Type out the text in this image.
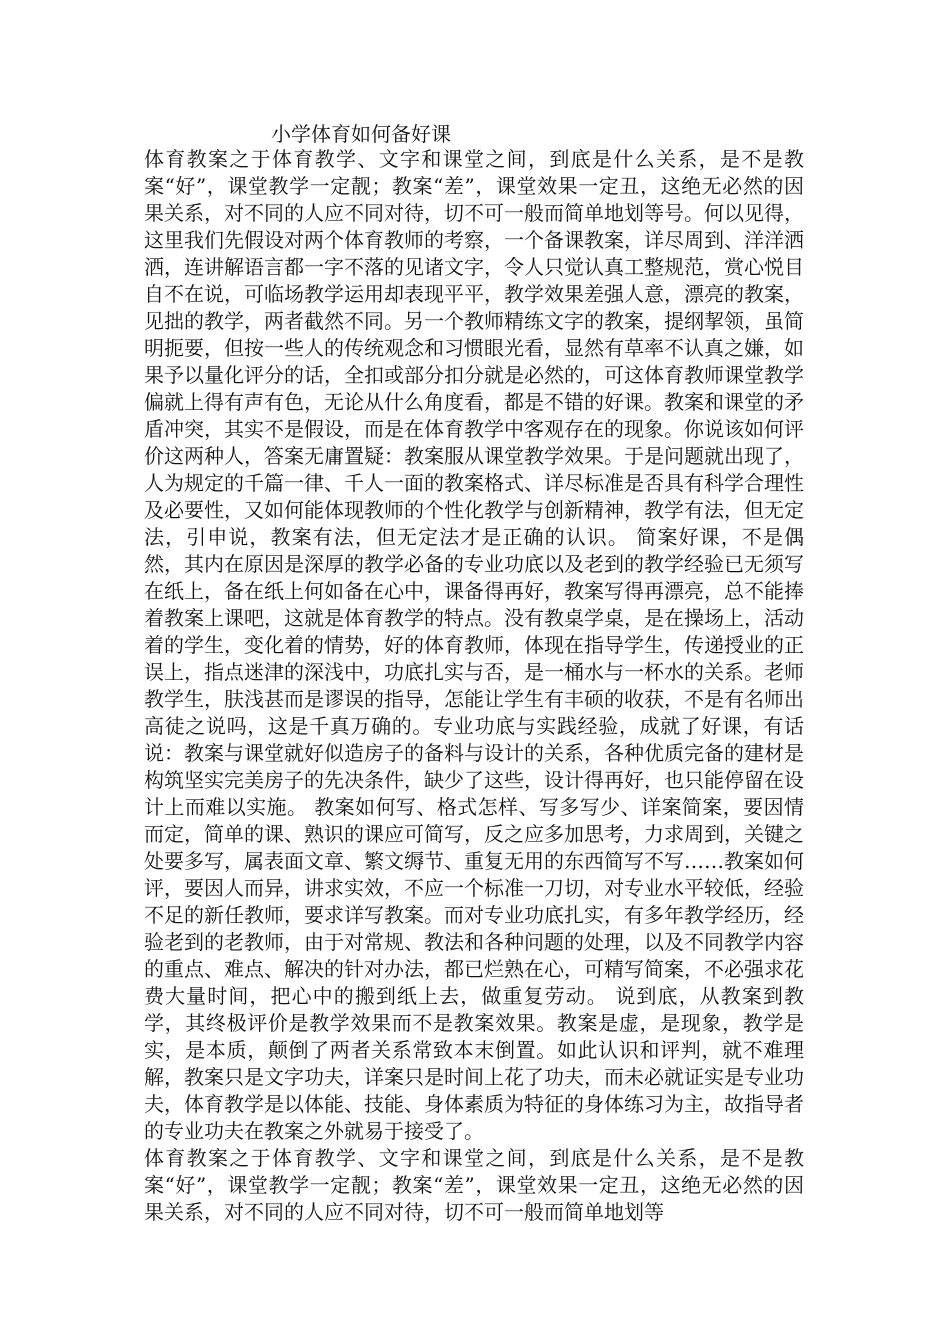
小学体育如何备好课

体育教案之于体育教学、文字和课堂之间，到底是什么关系，是不是教案“好”，课堂教学一定靓；教案“差”，课堂效果一定丑，这绝无必然的因果关系，对不同的人应不同对待，切不可一般而简单地划等号。何以见得，这里我们先假设对两个体育教师的考察，一个备课教案，详尽周到、洋洋洒洒，连讲解语言都一字不落的见诸文字，令人只觉认真工整规范，赏心悦目自不在说，可临场教学运用却表现平平，教学效果差强人意，漂亮的教案，见拙的教学，两者截然不同。另一个教师精练文字的教案，提纲挈领，虽简明扼要，但按一些人的传统观念和习惯眼光看，显然有草率不认真之嫌，如果予以量化评分的话，全扣或部分扣分就是必然的，可这体育教师课堂教学偏就上得有声有色，无论从什么角度看，都是不错的好课。教案和课堂的矛盾冲突，其实不是假设，而是在体育教学中客观存在的现象。你说该如何评价这两种人，答案无庸置疑：教案服从课堂教学效果。于是问题就出现了，人为规定的千篇一律、千人一面的教案格式、详尽标准是否具有科学合理性及必要性，又如何能体现教师的个性化教学与创新精神，教学有法，但无定法，引申说，教案有法，但无定法才是正确的认识。 简案好课，不是偶然，其内在原因是深厚的教学必备的专业功底以及老到的教学经验已无须写在纸上，备在纸上何如备在心中，课备得再好，教案写得再漂亮，总不能捧着教案上课吧，这就是体育教学的特点。没有教桌学桌，是在操场上，活动着的学生，变化着的情势，好的体育教师，体现在指导学生，传递授业的正误上，指点迷津的深浅中，功底扎实与否，是一桶水与一杯水的关系。老师教学生，肤浅甚而是谬误的指导，怎能让学生有丰硕的收获，不是有名师出高徒之说吗，这是千真万确的。专业功底与实践经验，成就了好课，有话说：教案与课堂就好似造房子的备料与设计的关系，各种优质完备的建材是构筑坚实完美房子的先决条件，缺少了这些，设计得再好，也只能停留在设计上而难以实施。 教案如何写、格式怎样、写多写少、详案简案，要因情而定，简单的课、熟识的课应可简写，反之应多加思考，力求周到，关键之处要多写，属表面文章、繁文缛节、重复无用的东西简写不写……教案如何评，要因人而异，讲求实效，不应一个标准一刀切，对专业水平较低，经验不足的新任教师，要求详写教案。而对专业功底扎实，有多年教学经历，经验老到的老教师，由于对常规、教法和各种问题的处理，以及不同教学内容的重点、难点、解决的针对办法，都已烂熟在心，可精写简案，不必强求花费大量时间，把心中的搬到纸上去，做重复劳动。 说到底，从教案到教学，其终极评价是教学效果而不是教案效果。教案是虚，是现象，教学是实，是本质，颠倒了两者关系常致本末倒置。如此认识和评判，就不难理解，教案只是文字功夫，详案只是时间上花了功夫，而未必就证实是专业功夫，体育教学是以体能、技能、身体素质为特征的身体练习为主，故指导者的专业功夫在教案之外就易于接受了。

体育教案之于体育教学、文字和课堂之间，到底是什么关系，是不是教案“好”，课堂教学一定靓；教案“差”，课堂效果一定丑，这绝无必然的因果关系，对不同的人应不同对待，切不可一般而简单地划等
